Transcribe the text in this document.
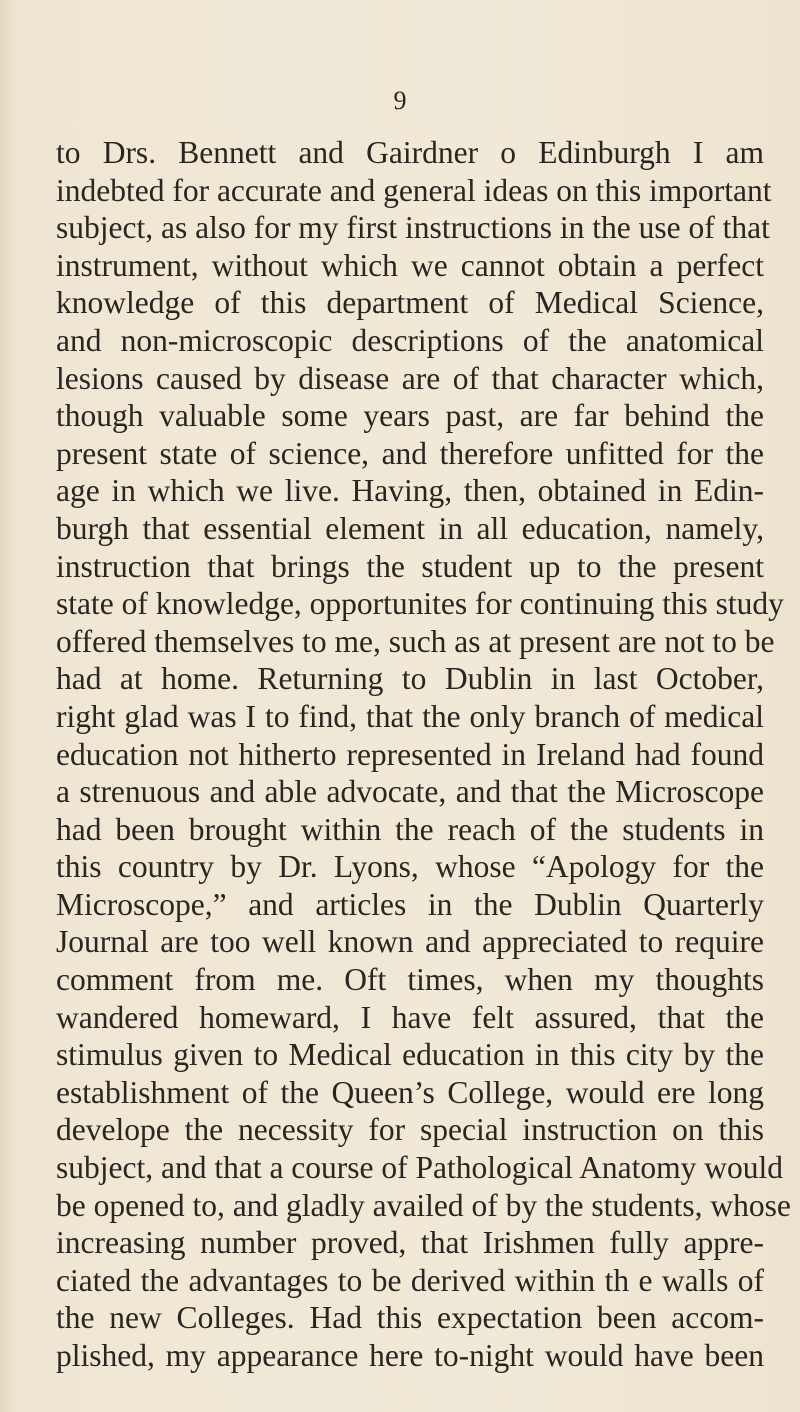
9
to Drs. Bennett and Gairdner o Edinburgh I am
indebted for accurate and general ideas on this important
subject, as also for my first instructions in the use of that
instrument, without which we cannot obtain a perfect
knowledge of this department of Medical Science,
and non-microscopic descriptions of the anatomical
lesions caused by disease are of that character which,
though valuable some years past, are far behind the
present state of science, and therefore unfitted for the
age in which we live. Having, then, obtained in Edin-
burgh that essential element in all education, namely,
instruction that brings the student up to the present
state of knowledge, opportunites for continuing this study
offered themselves to me, such as at present are not to be
had at home. Returning to Dublin in last October,
right glad was I to find, that the only branch of medical
education not hitherto represented in Ireland had found
a strenuous and able advocate, and that the Microscope
had been brought within the reach of the students in
this country by Dr. Lyons, whose “Apology for the
Microscope,” and articles in the Dublin Quarterly
Journal are too well known and appreciated to require
comment from me. Oft times, when my thoughts
wandered homeward, I have felt assured, that the
stimulus given to Medical education in this city by the
establishment of the Queen’s College, would ere long
develope the necessity for special instruction on this
subject, and that a course of Pathological Anatomy would
be opened to, and gladly availed of by the students, whose
increasing number proved, that Irishmen fully appre-
ciated the advantages to be derived within th e walls of
the new Colleges. Had this expectation been accom-
plished, my appearance here to-night would have been
